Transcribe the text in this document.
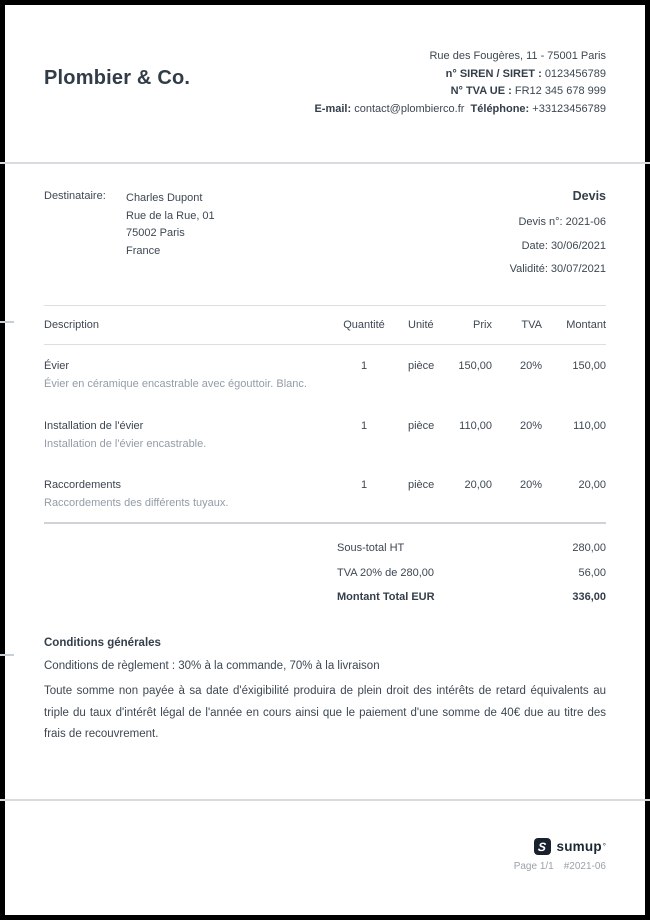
Plombier & Co.
Rue des Fougères, 11 - 75001 Paris
n° SIREN / SIRET : 0123456789
N° TVA UE : FR12 345 678 999
E-mail: contact@plombierco.fr Téléphone: +33123456789
Destinataire: Charles Dupont
Rue de la Rue, 01
75002 Paris
France
Devis
Devis n°: 2021-06
Date: 30/06/2021
Validité: 30/07/2021
Description	Quantité	Unité	Prix	TVA	Montant
Évier	1	pièce	150,00	20%	150,00
Évier en céramique encastrable avec égouttoir. Blanc.
Installation de l'évier	1	pièce	110,00	20%	110,00
Installation de l'évier encastrable.
Raccordements	1	pièce	20,00	20%	20,00
Raccordements des différents tuyaux.
Sous-total HT	280,00
TVA 20% de 280,00	56,00
Montant Total EUR	336,00
Conditions générales
Conditions de règlement : 30% à la commande, 70% à la livraison
Toute somme non payée à sa date d'éxigibilité produira de plein droit des intérêts de retard équivalents au triple du taux d'intérêt légal de l'année en cours ainsi que le paiement d'une somme de 40€ due au titre des frais de recouvrement.
S sumup °
Page 1/1 #2021-06
